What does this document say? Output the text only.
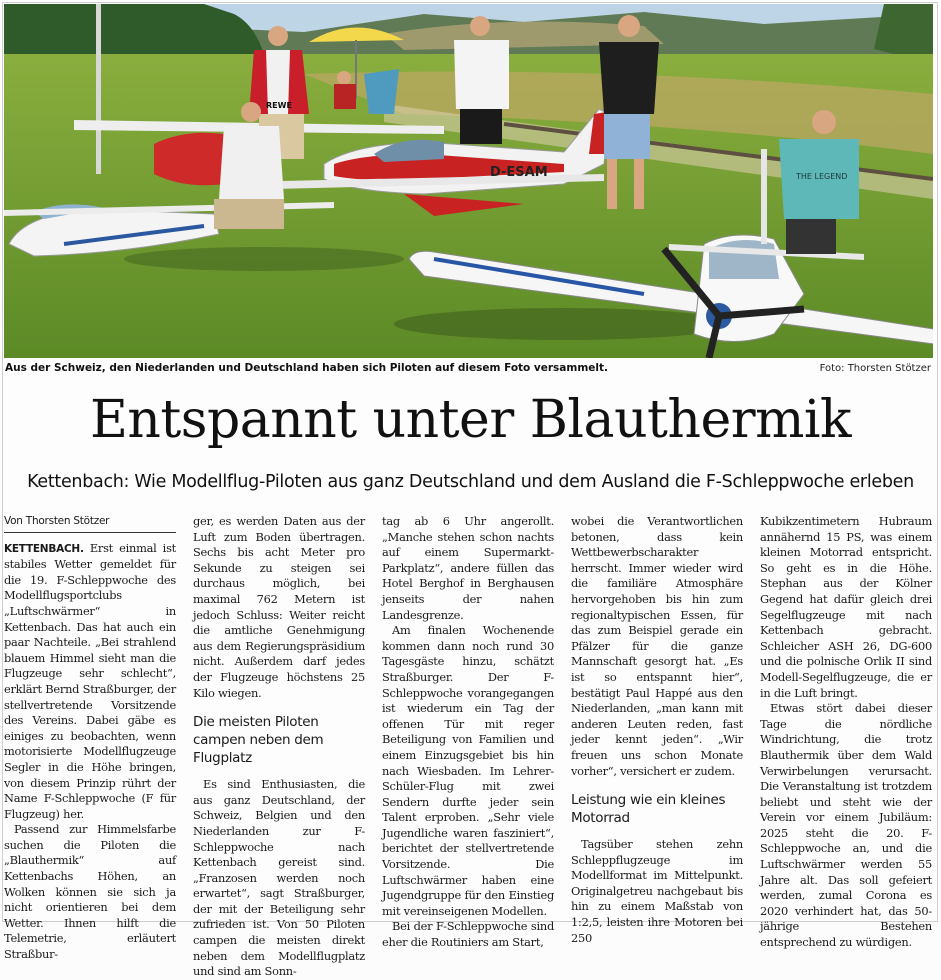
D-ESAM
REWE
THE LEGEND
Aus der Schweiz, den Niederlanden und Deutschland haben sich Piloten auf diesem Foto versammelt.	Foto: Thorsten Stötzer
Entspannt unter Blauthermik
Kettenbach: Wie Modellflug-Piloten aus ganz Deutschland und dem Ausland die F-Schleppwoche erleben
Von Thorsten Stötzer

KETTENBACH. Erst einmal ist stabiles Wetter gemeldet für die 19. F-Schleppwoche des Modellflugsportclubs „Luftschwärmer“ in Kettenbach. Das hat auch ein paar Nachteile. „Bei strahlend blauem Himmel sieht man die Flugzeuge sehr schlecht“, erklärt Bernd Straßburger, der stellvertretende Vorsitzende des Vereins. Dabei gäbe es einiges zu beobachten, wenn motorisierte Modellflugzeuge Segler in die Höhe bringen, von diesem Prinzip rührt der Name F-Schleppwoche (F für Flugzeug) her.

Passend zur Himmelsfarbe suchen die Piloten die „Blauthermik“ auf Kettenbachs Höhen, an Wolken können sie sich ja nicht orientieren bei dem Wetter. Ihnen hilft die Telemetrie, erläutert Straßbur-

ger, es werden Daten aus der Luft zum Boden übertragen. Sechs bis acht Meter pro Sekunde zu steigen sei durchaus möglich, bei maximal 762 Metern ist jedoch Schluss: Weiter reicht die amtliche Genehmigung aus dem Regierungspräsidium nicht. Außerdem darf jedes der Flugzeuge höchstens 25 Kilo wiegen.

Die meisten Piloten campen neben dem Flugplatz

Es sind Enthusiasten, die aus ganz Deutschland, der Schweiz, Belgien und den Niederlanden zur F-Schleppwoche nach Kettenbach gereist sind. „Franzosen werden noch erwartet“, sagt Straßburger, der mit der Beteiligung sehr zufrieden ist. Von 50 Piloten campen die meisten direkt neben dem Modellflugplatz und sind am Sonn-

tag ab 6 Uhr angerollt. „Manche stehen schon nachts auf einem Supermarkt-Parkplatz“, andere füllen das Hotel Berghof in Berghausen jenseits der nahen Landesgrenze.

Am finalen Wochenende kommen dann noch rund 30 Tagesgäste hinzu, schätzt Straßburger. Der F-Schleppwoche vorangegangen ist wiederum ein Tag der offenen Tür mit reger Beteiligung von Familien und einem Einzugsgebiet bis hin nach Wiesbaden. Im Lehrer-Schüler-Flug mit zwei Sendern durfte jeder sein Talent erproben. „Sehr viele Jugendliche waren fasziniert“, berichtet der stellvertretende Vorsitzende. Die Luftschwärmer haben eine Jugendgruppe für den Einstieg mit vereinseigenen Modellen.

Bei der F-Schleppwoche sind eher die Routiniers am Start,

wobei die Verantwortlichen betonen, dass kein Wettbewerbscharakter herrscht. Immer wieder wird die familiäre Atmosphäre hervorgehoben bis hin zum regionaltypischen Essen, für das zum Beispiel gerade ein Pfälzer für die ganze Mannschaft gesorgt hat. „Es ist so entspannt hier“, bestätigt Paul Happé aus den Niederlanden, „man kann mit anderen Leuten reden, fast jeder kennt jeden“. „Wir freuen uns schon Monate vorher“, versichert er zudem.

Leistung wie ein kleines Motorrad

Tagsüber stehen zehn Schleppflugzeuge im Modellformat im Mittelpunkt. Originalgetreu nachgebaut bis hin zu einem Maßstab von 1:2,5, leisten ihre Motoren bei 250

Kubikzentimetern Hubraum annähernd 15 PS, was einem kleinen Motorrad entspricht. So geht es in die Höhe. Stephan aus der Kölner Gegend hat dafür gleich drei Segelflugzeuge mit nach Kettenbach gebracht. Schleicher ASH 26, DG-600 und die polnische Orlik II sind Modell-Segelflugzeuge, die er in die Luft bringt.

Etwas stört dabei dieser Tage die nördliche Windrichtung, die trotz Blauthermik über dem Wald Verwirbelungen verursacht. Die Veranstaltung ist trotzdem beliebt und steht wie der Verein vor einem Jubiläum: 2025 steht die 20. F-Schleppwoche an, und die Luftschwärmer werden 55 Jahre alt. Das soll gefeiert werden, zumal Corona es 2020 verhindert hat, das 50-jährige Bestehen entsprechend zu würdigen.
